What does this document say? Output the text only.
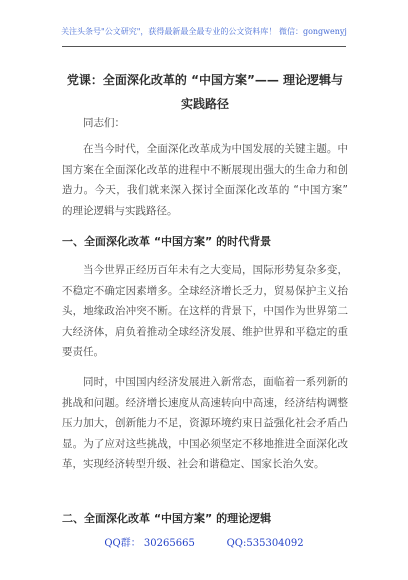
关注头条号"公文研究"，获得最新最全最专业的公文资料库！ 微信：gongwenyj
党课：全面深化改革的 “中国方案”—— 理论逻辑与实践路径
同志们：
在当今时代，全面深化改革成为中国发展的关键主题。中国方案在全面深化改革的进程中不断展现出强大的生命力和创造力。今天，我们就来深入探讨全面深化改革的 “中国方案” 的理论逻辑与实践路径。
一、全面深化改革 “中国方案” 的时代背景
当今世界正经历百年未有之大变局，国际形势复杂多变，不稳定不确定因素增多。全球经济增长乏力，贸易保护主义抬头，地缘政治冲突不断。在这样的背景下，中国作为世界第二大经济体，肩负着推动全球经济发展、维护世界和平稳定的重要责任。
同时，中国国内经济发展进入新常态，面临着一系列新的挑战和问题。经济增长速度从高速转向中高速，经济结构调整压力加大，创新能力不足，资源环境约束日益强化社会矛盾凸显。为了应对这些挑战，中国必须坚定不移地推进全面深化改革，实现经济转型升级、社会和谐稳定、国家长治久安。
二、全面深化改革 “中国方案” 的理论逻辑
QQ群： 30265665          QQ:535304092
